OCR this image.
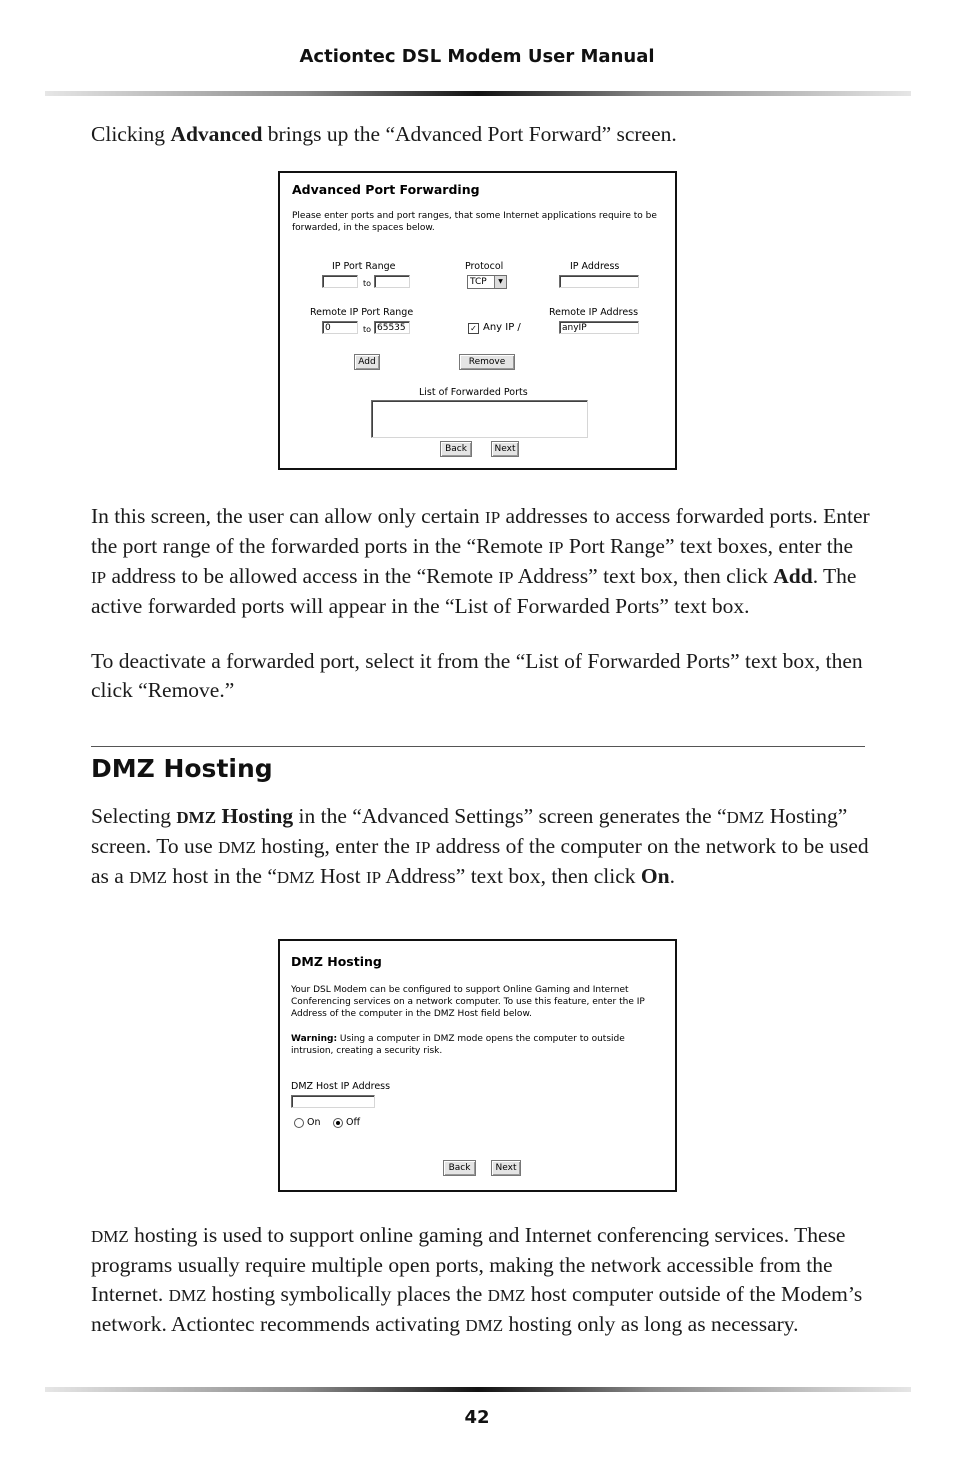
Actiontec DSL Modem User Manual

Clicking Advanced brings up the “Advanced Port Forward” screen.

Advanced Port Forwarding
Please enter ports and port ranges, that some Internet applications require to be forwarded, in the spaces below.
IP Port Range	Protocol	IP Address
to	TCP	▼
Remote IP Port Range	Remote IP Address
0	to 65535	✓ Any IP /	anyIP
Add	Remove
List of Forwarded Ports
Back	Next

In this screen, the user can allow only certain IP addresses to access forwarded ports. Enter the port range of the forwarded ports in the “Remote IP Port Range” text boxes, enter the IP address to be allowed access in the “Remote IP Address” text box, then click Add. The active forwarded ports will appear in the “List of Forwarded Ports” text box.

To deactivate a forwarded port, select it from the “List of Forwarded Ports” text box, then click “Remove.”

DMZ Hosting

Selecting DMZ Hosting in the “Advanced Settings” screen generates the “DMZ Hosting” screen. To use DMZ hosting, enter the IP address of the computer on the network to be used as a DMZ host in the “DMZ Host IP Address” text box, then click On.

DMZ Hosting
Your DSL Modem can be configured to support Online Gaming and Internet Conferencing services on a network computer. To use this feature, enter the IP Address of the computer in the DMZ Host field below.
Warning: Using a computer in DMZ mode opens the computer to outside intrusion, creating a security risk.
DMZ Host IP Address
On	Off
Back	Next

DMZ hosting is used to support online gaming and Internet conferencing services. These programs usually require multiple open ports, making the network accessible from the Internet. DMZ hosting symbolically places the DMZ host computer outside of the Modem’s network. Actiontec recommends activating DMZ hosting only as long as necessary.

42
